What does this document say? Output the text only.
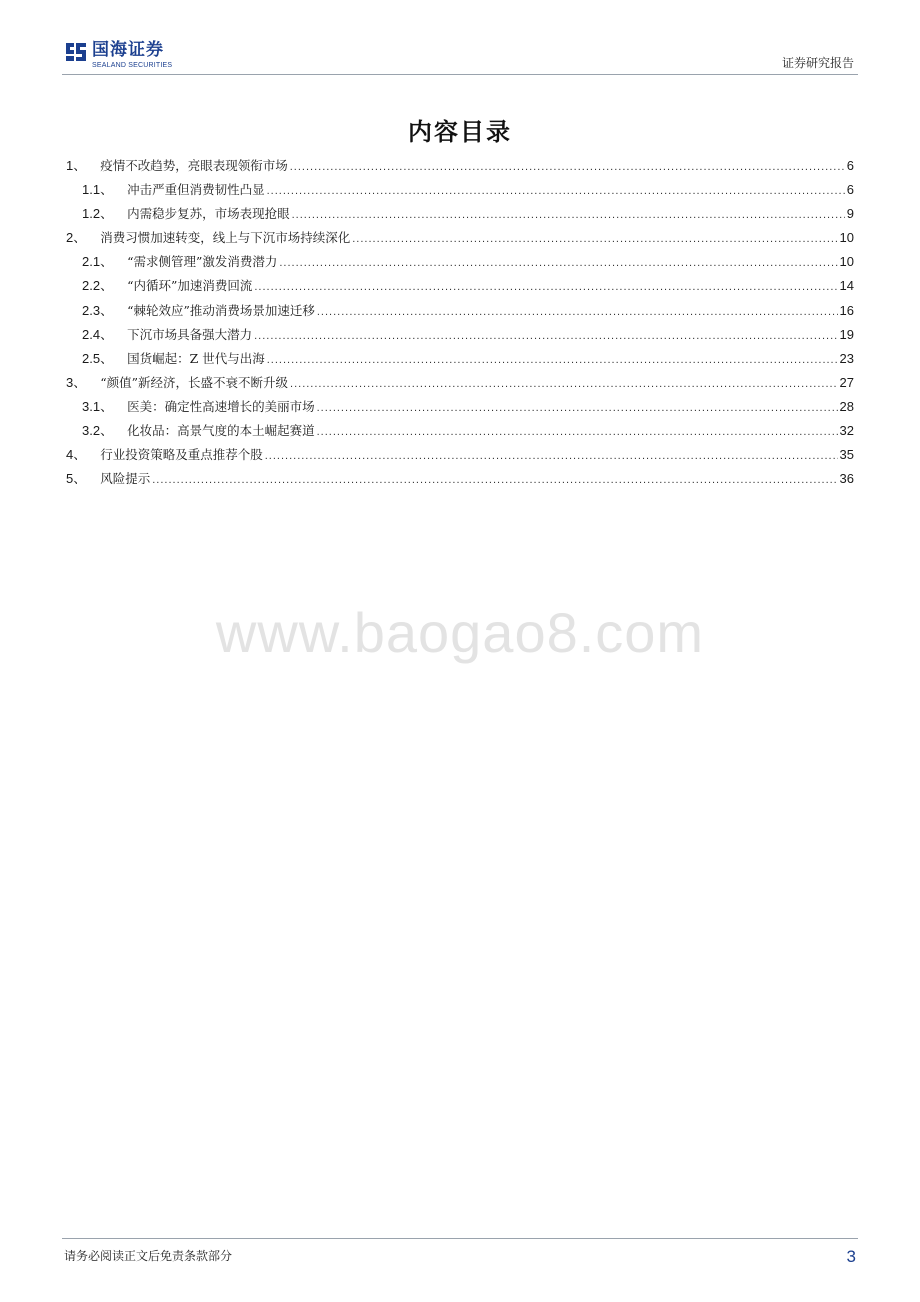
国海证券
SEALAND SECURITIES	证券研究报告
内容目录
1、 疫情不改趋势，亮眼表现领衔市场 .....	6
1.1、 冲击严重但消费韧性凸显 .....	6
1.2、 内需稳步复苏，市场表现抢眼 .....	9
2、 消费习惯加速转变，线上与下沉市场持续深化 .....	10
2.1、 “需求侧管理”激发消费潜力 .....	10
2.2、 “内循环”加速消费回流 .....	14
2.3、 “棘轮效应”推动消费场景加速迁移 .....	16
2.4、 下沉市场具备强大潜力 .....	19
2.5、 国货崛起：Z 世代与出海 .....	23
3、 “颜值”新经济，长盛不衰不断升级 .....	27
3.1、 医美：确定性高速增长的美丽市场 .....	28
3.2、 化妆品：高景气度的本土崛起赛道 .....	32
4、 行业投资策略及重点推荐个股 .....	35
5、 风险提示 .....	36
www.baogao8.com
请务必阅读正文后免责条款部分	3
